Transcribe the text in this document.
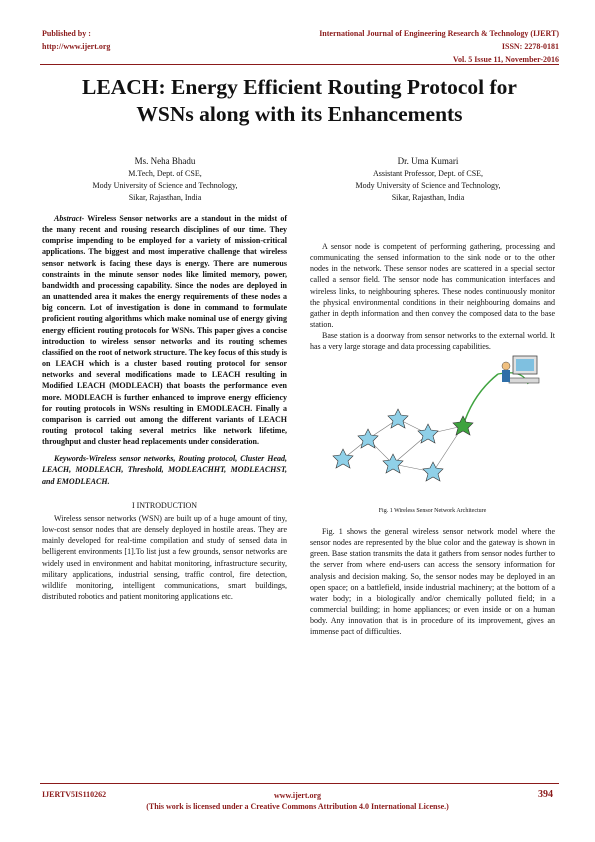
Published by :
http://www.ijert.org
International Journal of Engineering Research & Technology (IJERT)
ISSN: 2278-0181
Vol. 5 Issue 11, November-2016
LEACH: Energy Efficient Routing Protocol for
WSNs along with its Enhancements
Ms. Neha Bhadu
M.Tech, Dept. of CSE,
Mody University of Science and Technology,
Sikar, Rajasthan, India
Dr. Uma Kumari
Assistant Professor, Dept. of CSE,
Mody University of Science and Technology,
Sikar, Rajasthan, India

Abstract- Wireless Sensor networks are a standout in the midst of the many recent and rousing research disciplines of our time. They comprise impending to be employed for a variety of mission-critical applications. The biggest and most imperative challenge that wireless sensor network is facing these days is energy. There are numerous constraints in the minute sensor nodes like limited memory, power, bandwidth and processing capability. Since the nodes are deployed in an unattended area it makes the energy requirements of these nodes a big concern. Lot of investigation is done in command to formulate proficient routing algorithms which make nominal use of energy giving energy efficient routing protocols for WSNs. This paper gives a concise introduction to wireless sensor networks and its routing schemes classified on the root of network structure. The key focus of this study is on LEACH which is a cluster based routing protocol for sensor networks and several modifications made to LEACH resulting in Modified LEACH (MODLEACH) that boasts the performance even more. MODLEACH is further enhanced to improve energy efficiency for routing protocols in WSNs resulting in EMODLEACH. Finally a comparison is carried out among the different variants of LEACH routing protocol taking several metrics like network lifetime, throughput and cluster head replacements under consideration.

Keywords-Wireless sensor networks, Routing protocol, Cluster Head, LEACH, MODLEACH, Threshold, MODLEACHHT, MODLEACHST, and EMODLEACH.

I INTRODUCTION

Wireless sensor networks (WSN) are built up of a huge amount of tiny, low-cost sensor nodes that are densely deployed in hostile areas. They are mainly developed for real-time compilation and study of sensed data in belligerent environments [1].To list just a few grounds, sensor networks are widely used in environment and habitat monitoring, infrastructure security, military applications, industrial sensing, traffic control, fire detection, wildlife monitoring, intelligent communications, smart buildings, distributed robotics and patient monitoring applications etc.

A sensor node is competent of performing gathering, processing and communicating the sensed information to the sink node or to the other nodes in the network. These sensor nodes are scattered in a special sector called a sensor field. The sensor node has communication interfaces and wireless links, to neighbouring spheres. These nodes continuously monitor the physical environmental conditions in their neighbouring domains and gather in depth information and then convey the composed data to the base station.

Base station is a doorway from sensor networks to the external world. It has a very large storage and data processing capabilities.

Fig. 1 Wireless Sensor Network Architecture

Fig. 1 shows the general wireless sensor network model where the sensor nodes are represented by the blue color and the gateway is shown in green. Base station transmits the data it gathers from sensor nodes further to the server from where end-users can access the sensory information for analysis and decision making. So, the sensor nodes may be deployed in an open space; on a battlefield, inside industrial machinery; at the bottom of a water body; in a biologically and/or chemically polluted field; in a commercial building; in home appliances; or even inside or on a human body. Any innovation that is in procedure of its improvement, gives an immense pact of difficulties.

IJERTV5IS110262	www.ijert.org
(This work is licensed under a Creative Commons Attribution 4.0 International License.)
394
